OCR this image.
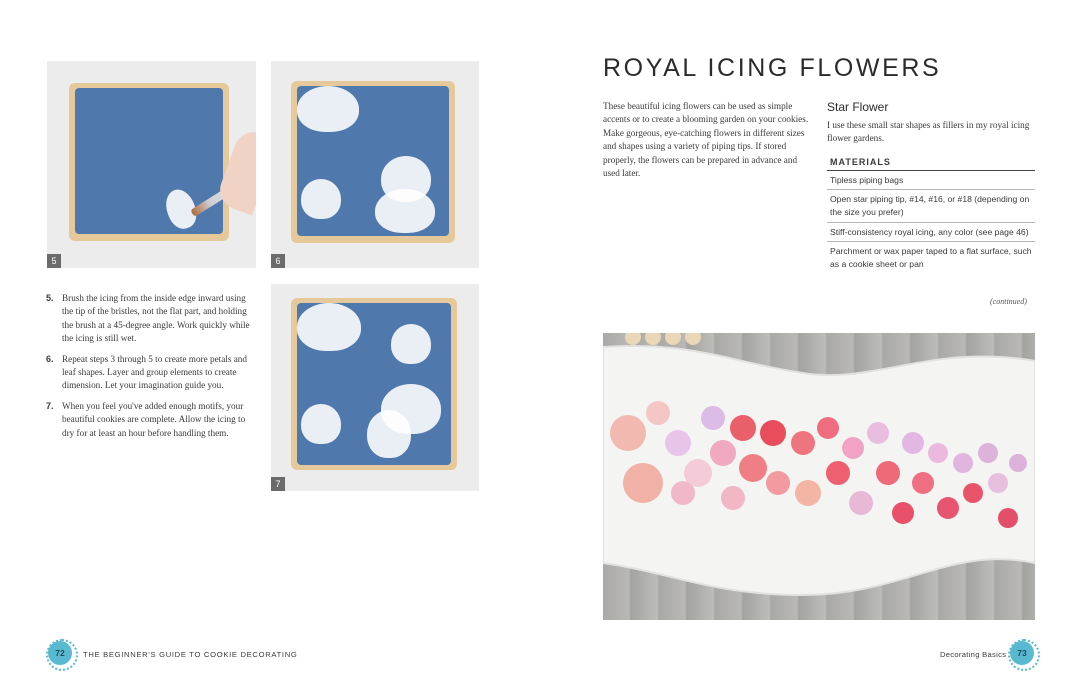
5	6
7
5. Brush the icing from the inside edge inward using the tip of the bristles, not the flat part, and holding the brush at a 45-degree angle. Work quickly while the icing is still wet.
6. Repeat steps 3 through 5 to create more petals and leaf shapes. Layer and group elements to create dimension. Let your imagination guide you.
7. When you feel you've added enough motifs, your beautiful cookies are complete. Allow the icing to dry for at least an hour before handling them.
ROYAL ICING FLOWERS

These beautiful icing flowers can be used as simple accents or to create a blooming garden on your cookies. Make gorgeous, eye-catching flowers in different sizes and shapes using a variety of piping tips. If stored properly, the flowers can be prepared in advance and used later.

Star Flower

I use these small star shapes as fillers in my royal icing flower gardens.

MATERIALS
Tipless piping bags
Open star piping tip, #14, #16, or #18 (depending on the size you prefer)
Stiff-consistency royal icing, any color (see page 46)
Parchment or wax paper taped to a flat surface, such as a cookie sheet or pan
(continued)
72	THE BEGINNER'S GUIDE TO COOKIE DECORATING	Decorating Basics	73
